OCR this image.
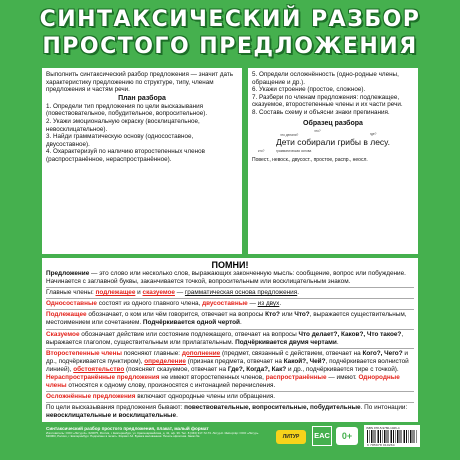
СИНТАКСИЧЕСКИЙ РАЗБОР
ПРОСТОГО ПРЕДЛОЖЕНИЯ
Выполнить синтаксический разбор предложения — значит дать характеристику предложению по структуре, типу, членам предложения и частям речи.
План разбора
1. Определи тип предложения по цели высказывания (повествовательное, побудительное, вопросительное).
2. Укажи эмоциональную окраску (восклицательное, невосклицательное).
3. Найди грамматическую основу (односоставное, двусоставное).
4. Охарактеризуй по наличию второстепенных членов (распространённое, нераспространённое).
5. Определи осложнённость (одно-родные члены, обращение и др.).
6. Укажи строение (простое, сложное).
7. Разбери по членам предложения: подлежащее, сказуемое, второстепенные члены и их части речи.
8. Составь схему и объясни знаки препинания.
Образец разбора
что?
где?
что делали?
Дети собирали грибы в лесу.
кто?	грамматическая основа
Повест., невоск., двусост., простое, распр., неосл.
ПОМНИ!
Предложение — это слово или несколько слов, выражающих законченную мысль: сообщение, вопрос или побуждение. Начинается с заглавной буквы, заканчивается точкой, вопросительным или восклицательным знаком.
Главные члены: подлежащее и сказуемое — грамматическая основа предложения.
Односоставные состоят из одного главного члена, двусоставные — из двух.
Подлежащее обозначает, о ком или чём говорится, отвечает на вопросы Кто? или Что?, выражается существительным, местоимением или сочетанием. Подчёркивается одной чертой.
Сказуемое обозначает действие или состояние подлежащего, отвечает на вопросы Что делает?, Каков?, Что такое?, выражается глаголом, существительным или прилагательным. Подчёркивается двумя чертами.
Второстепенные члены поясняют главные: дополнение (предмет, связанный с действием, отвечает на Кого?, Чего? и др., подчёркивается пунктиром), определение (признак предмета, отвечает на Какой?, Чей?, подчёркивается волнистой линией), обстоятельство (поясняет сказуемое, отвечает на Где?, Когда?, Как? и др., подчёркивается тире с точкой). Нераспространённые предложения не имеют второстепенных членов, распространённые — имеют. Однородные члены относятся к одному слову, произносятся с интонацией перечисления.
Осложнённые предложения включают однородные члены или обращения.
По цели высказывания предложения бывают: повествовательные, вопросительные, побудительные. По интонации: невосклицательные и восклицательные.
Синтаксический разбор простого предложения, плакат, малый формат
Изготовитель: ООО «Литур-К». 620075, Россия, г. Екатеринбург, ул. Красноармейская, д. 41, оф. 39. Тел. 8 (343) 317-72-73. Литур-К. Импортёр: ООО «Литур». 620063, Россия, г. Екатеринбург. Подписано в печать. Формат А4. Бумага мелованная. Печать офсетная. Заказ №.	ЛИТУР	EAC	0+
ISBN 978-5-9780-1026-4
9 785978 010264
